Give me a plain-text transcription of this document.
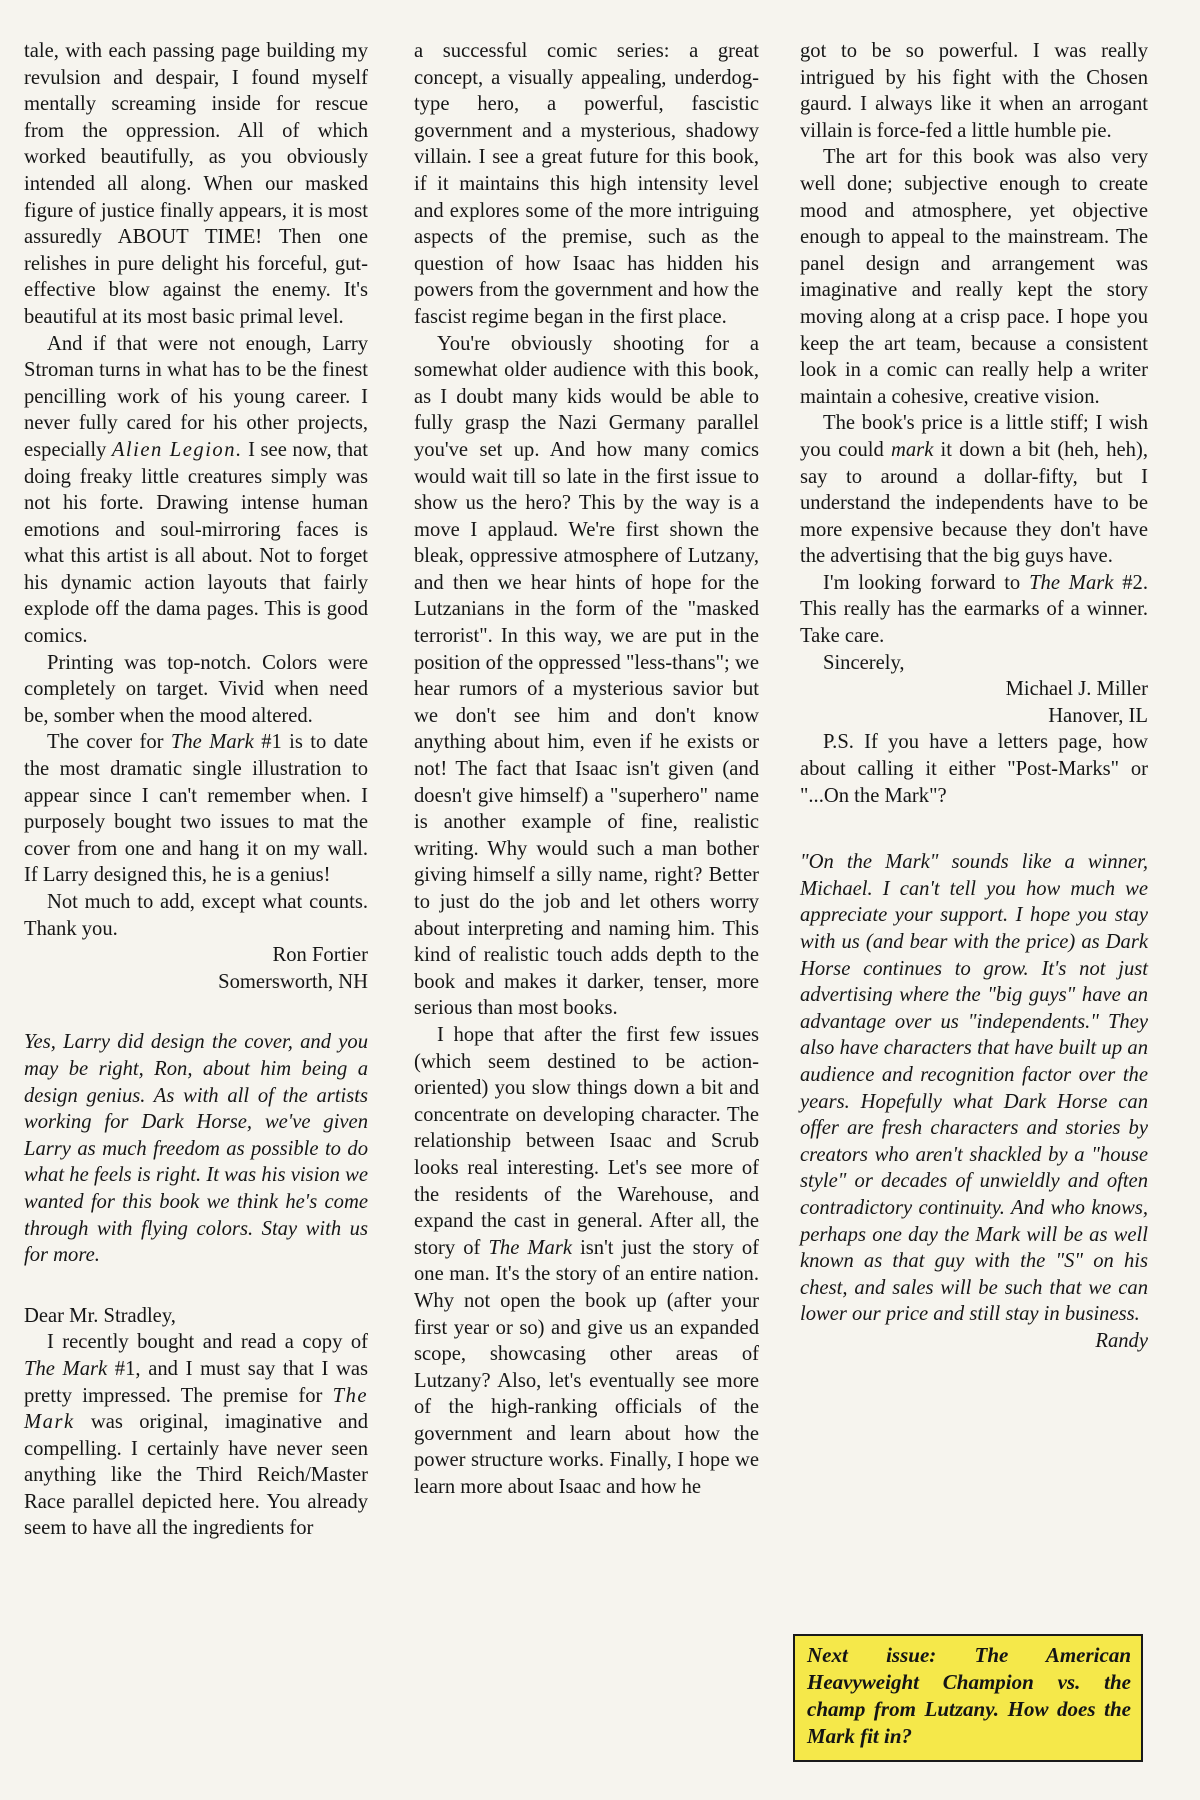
tale, with each passing page building my revulsion and despair, I found myself mentally screaming inside for rescue from the oppression. All of which worked beautifully, as you obviously intended all along. When our masked figure of justice finally appears, it is most assuredly ABOUT TIME! Then one relishes in pure delight his forceful, gut-effective blow against the enemy. It's beautiful at its most basic primal level.

And if that were not enough, Larry Stroman turns in what has to be the finest pencilling work of his young career. I never fully cared for his other projects, especially Alien Legion. I see now, that doing freaky little creatures simply was not his forte. Drawing intense human emotions and soul-mirroring faces is what this artist is all about. Not to forget his dynamic action layouts that fairly explode off the dama pages. This is good comics.

Printing was top-notch. Colors were completely on target. Vivid when need be, somber when the mood altered.

The cover for The Mark #1 is to date the most dramatic single illustration to appear since I can't remember when. I purposely bought two issues to mat the cover from one and hang it on my wall. If Larry designed this, he is a genius!

Not much to add, except what counts. Thank you.

Ron Fortier

Somersworth, NH

Yes, Larry did design the cover, and you may be right, Ron, about him being a design genius. As with all of the artists working for Dark Horse, we've given Larry as much freedom as possible to do what he feels is right. It was his vision we wanted for this book we think he's come through with flying colors. Stay with us for more.

Dear Mr. Stradley,

I recently bought and read a copy of The Mark #1, and I must say that I was pretty impressed. The premise for The Mark was original, imaginative and compelling. I certainly have never seen anything like the Third Reich/Master Race parallel depicted here. You already seem to have all the ingredients for

a successful comic series: a great concept, a visually appealing, underdog-type hero, a powerful, fascistic government and a mysterious, shadowy villain. I see a great future for this book, if it maintains this high intensity level and explores some of the more intriguing aspects of the premise, such as the question of how Isaac has hidden his powers from the government and how the fascist regime began in the first place.

You're obviously shooting for a somewhat older audience with this book, as I doubt many kids would be able to fully grasp the Nazi Germany parallel you've set up. And how many comics would wait till so late in the first issue to show us the hero? This by the way is a move I applaud. We're first shown the bleak, oppressive atmosphere of Lutzany, and then we hear hints of hope for the Lutzanians in the form of the "masked terrorist". In this way, we are put in the position of the oppressed "less-thans"; we hear rumors of a mysterious savior but we don't see him and don't know anything about him, even if he exists or not! The fact that Isaac isn't given (and doesn't give himself) a "superhero" name is another example of fine, realistic writing. Why would such a man bother giving himself a silly name, right? Better to just do the job and let others worry about interpreting and naming him. This kind of realistic touch adds depth to the book and makes it darker, tenser, more serious than most books.

I hope that after the first few issues (which seem destined to be action-oriented) you slow things down a bit and concentrate on developing character. The relationship between Isaac and Scrub looks real interesting. Let's see more of the residents of the Warehouse, and expand the cast in general. After all, the story of The Mark isn't just the story of one man. It's the story of an entire nation. Why not open the book up (after your first year or so) and give us an expanded scope, showcasing other areas of Lutzany? Also, let's eventually see more of the high-ranking officials of the government and learn about how the power structure works. Finally, I hope we learn more about Isaac and how he

got to be so powerful. I was really intrigued by his fight with the Chosen gaurd. I always like it when an arrogant villain is force-fed a little humble pie.

The art for this book was also very well done; subjective enough to create mood and atmosphere, yet objective enough to appeal to the mainstream. The panel design and arrangement was imaginative and really kept the story moving along at a crisp pace. I hope you keep the art team, because a consistent look in a comic can really help a writer maintain a cohesive, creative vision.

The book's price is a little stiff; I wish you could mark it down a bit (heh, heh), say to around a dollar-fifty, but I understand the independents have to be more expensive because they don't have the advertising that the big guys have.

I'm looking forward to The Mark #2. This really has the earmarks of a winner. Take care.

Sincerely,

Michael J. Miller

Hanover, IL

P.S. If you have a letters page, how about calling it either "Post-Marks" or "...On the Mark"?

"On the Mark" sounds like a winner, Michael. I can't tell you how much we appreciate your support. I hope you stay with us (and bear with the price) as Dark Horse continues to grow. It's not just advertising where the "big guys" have an advantage over us "independents." They also have characters that have built up an audience and recognition factor over the years. Hopefully what Dark Horse can offer are fresh characters and stories by creators who aren't shackled by a "house style" or decades of unwieldly and often contradictory continuity. And who knows, perhaps one day the Mark will be as well known as that guy with the "S" on his chest, and sales will be such that we can lower our price and still stay in business.

Randy

Next issue: The American Heavyweight Champion vs. the champ from Lutzany. How does the Mark fit in?
